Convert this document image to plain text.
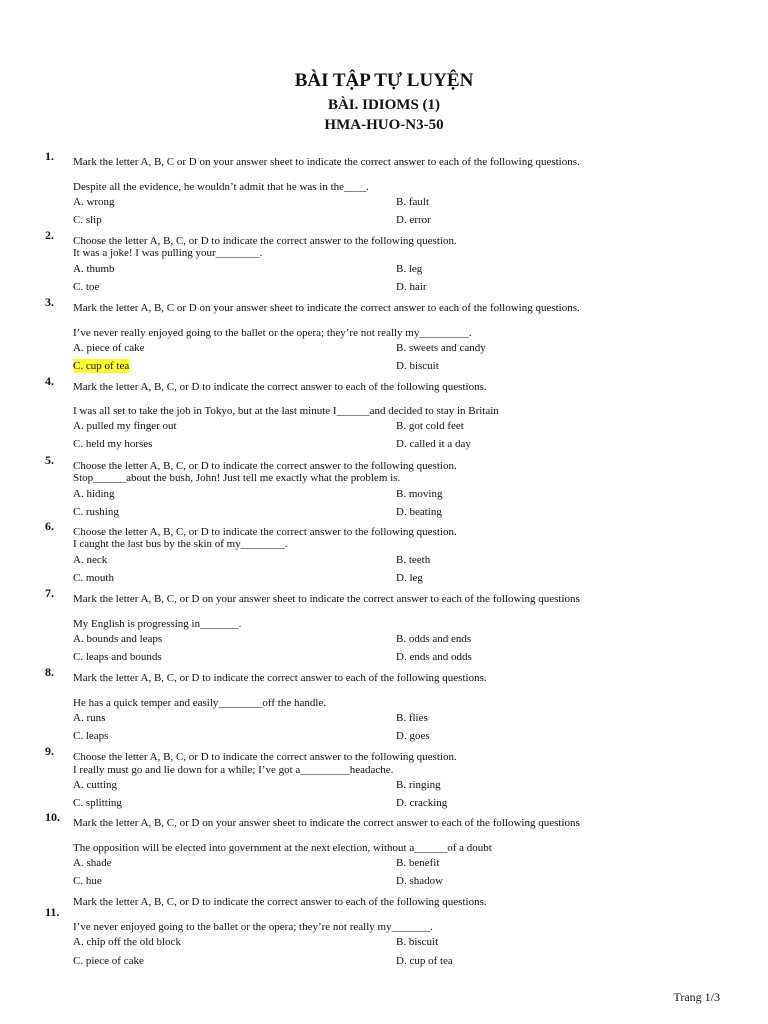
BÀI TẬP TỰ LUYỆN
BÀI. IDIOMS (1)
HMA-HUO-N3-50
1. Mark the letter A, B, C or D on your answer sheet to indicate the correct answer to each of the following questions.
Despite all the evidence, he wouldn’t admit that he was in the____.
A. wrong	B. fault
C. slip	D. error
2. Choose the letter A, B, C, or D to indicate the correct answer to the following question.
It was a joke! I was pulling your________.
A. thumb	B. leg
C. toe	D. hair
3. Mark the letter A, B, C or D on your answer sheet to indicate the correct answer to each of the following questions.
I’ve never really enjoyed going to the ballet or the opera; they’re not really my_________.
A. piece of cake	B. sweets and candy
C. cup of tea	D. biscuit
4. Mark the letter A, B, C, or D to indicate the correct answer to each of the following questions.
I was all set to take the job in Tokyo, but at the last minute I______and decided to stay in Britain
A. pulled my finger out	B. got cold feet
C. held my horses	D. called it a day
5. Choose the letter A, B, C, or D to indicate the correct answer to the following question.
Stop______about the bush, John! Just tell me exactly what the problem is.
A. hiding	B. moving
C. rushing	D. beating
6. Choose the letter A, B, C, or D to indicate the correct answer to the following question.
I caught the last bus by the skin of my________.
A. neck	B. teeth
C. mouth	D. leg
7. Mark the letter A, B, C, or D on your answer sheet to indicate the correct answer to each of the following questions
My English is progressing in_______.
A. bounds and leaps	B. odds and ends
C. leaps and bounds	D. ends and odds
8. Mark the letter A, B, C, or D to indicate the correct answer to each of the following questions.
He has a quick temper and easily________off the handle.
A. runs	B. flies
C. leaps	D. goes
9. Choose the letter A, B, C, or D to indicate the correct answer to the following question.
I really must go and lie down for a while; I’ve got a_________headache.
A. cutting	B. ringing
C. splitting	D. cracking
10. Mark the letter A, B, C, or D on your answer sheet to indicate the correct answer to each of the following questions
The opposition will be elected into government at the next election, without a______of a doubt
A. shade	B. benefit
C. hue	D. shadow
11.
Mark the letter A, B, C, or D to indicate the correct answer to each of the following questions.
I’ve never enjoyed going to the ballet or the opera; they’re not really my_______.
A. chip off the old block	B. biscuit
C. piece of cake	D. cup of tea
Trang 1/3
